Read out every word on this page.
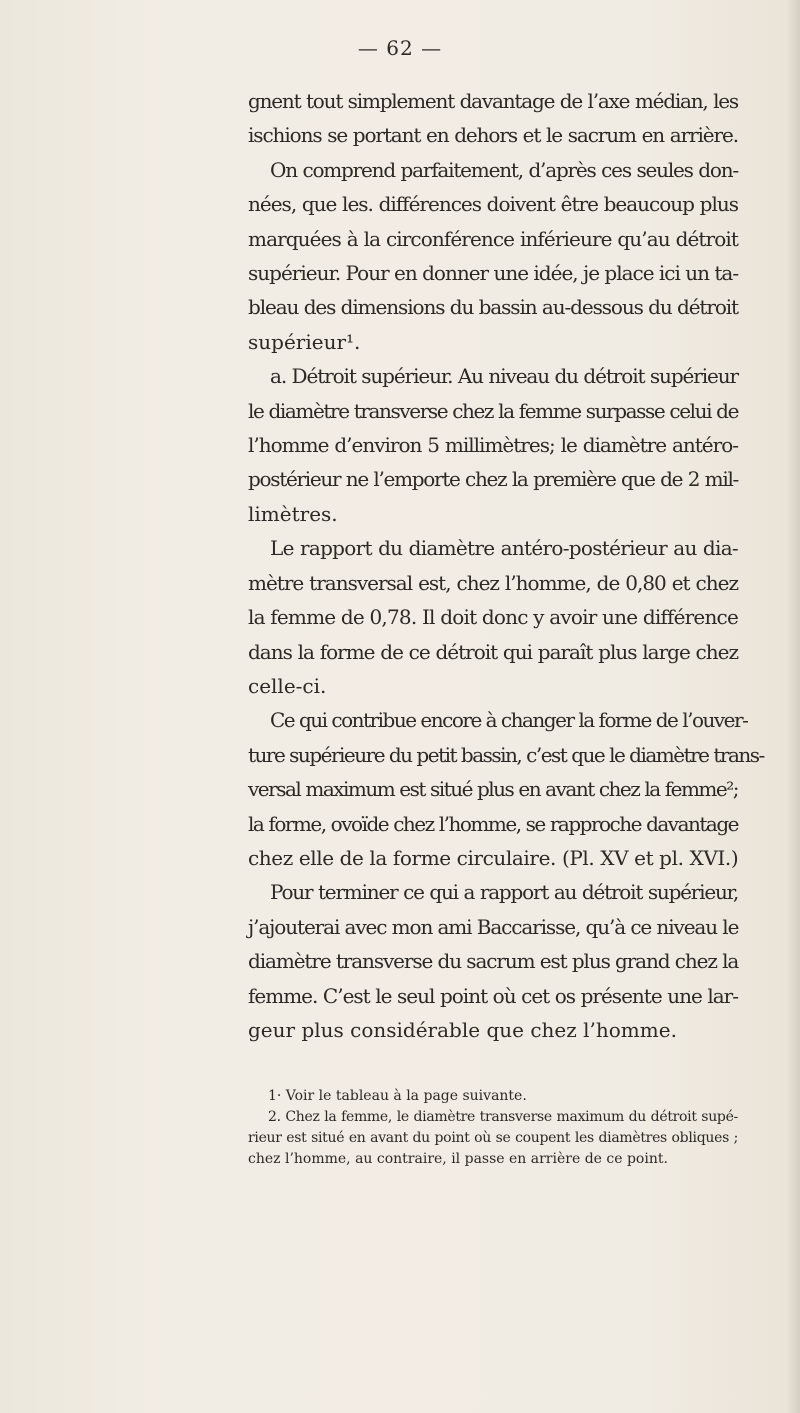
— 62 —
gnent tout simplement davantage de l’axe médian, les
ischions se portant en dehors et le sacrum en arrière.
On comprend parfaitement, d’après ces seules don-
nées, que les. différences doivent être beaucoup plus
marquées à la circonférence inférieure qu’au détroit
supérieur. Pour en donner une idée, je place ici un ta-
bleau des dimensions du bassin au-dessous du détroit
supérieur¹.
a. Détroit supérieur. Au niveau du détroit supérieur
le diamètre transverse chez la femme surpasse celui de
l’homme d’environ 5 millimètres; le diamètre antéro-
postérieur ne l’emporte chez la première que de 2 mil-
limètres.
Le rapport du diamètre antéro-postérieur au dia-
mètre transversal est, chez l’homme, de 0,80 et chez
la femme de 0,78. Il doit donc y avoir une différence
dans la forme de ce détroit qui paraît plus large chez
celle-ci.
Ce qui contribue encore à changer la forme de l’ouver-
ture supérieure du petit bassin, c’est que le diamètre trans-
versal maximum est situé plus en avant chez la femme²;
la forme, ovoïde chez l’homme, se rapproche davantage
chez elle de la forme circulaire. (Pl. XV et pl. XVI.)
Pour terminer ce qui a rapport au détroit supérieur,
j’ajouterai avec mon ami Baccarisse, qu’à ce niveau le
diamètre transverse du sacrum est plus grand chez la
femme. C’est le seul point où cet os présente une lar-
geur plus considérable que chez l’homme.
1· Voir le tableau à la page suivante.
2. Chez la femme, le diamètre transverse maximum du détroit supé-
rieur est situé en avant du point où se coupent les diamètres obliques ;
chez l’homme, au contraire, il passe en arrière de ce point.
